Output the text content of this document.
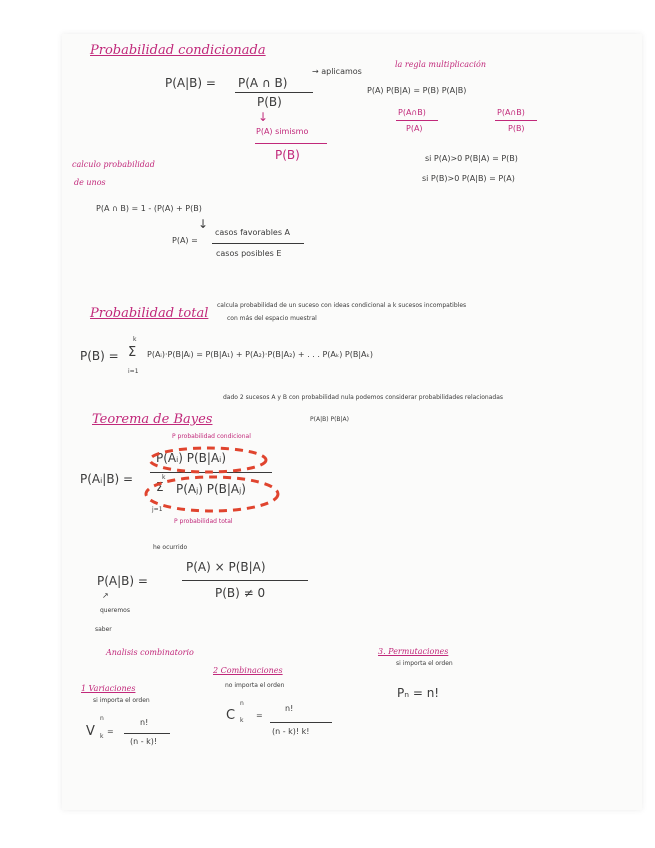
Probabilidad condicionada
P(A|B) = P(A ∩ B)
P(B)
→ aplicamos
la regla multiplicación
P(A) P(B|A) = P(B) P(A|B)
↓
P(A) simismo
P(B)
P(A∩B)
P(A)
P(A∩B)
P(B)
si P(A)>0 P(B|A) = P(B)
si P(B)>0 P(A|B) = P(A)
calculo probabilidad
de unos
P(A ∩ B) = 1 - (P(A) + P(B)
↓
P(A) =
casos favorables A
casos posibles E
Probabilidad total
calcula probabilidad de un suceso con ideas condicional a k sucesos incompatibles
con más del espacio muestral
P(B) =
k
Σ
i=1
P(Aᵢ)·P(B|Aᵢ) = P(B|A₁) + P(A₂)·P(B|A₂) + . . . P(Aₖ) P(B|Aₖ)
Teorema de Bayes
dado 2 sucesos A y B con probabilidad nula podemos considerar probabilidades relacionadas
P(A|B) P(B|A)
P probabilidad condicional
P(Aᵢ|B) =
P(Aᵢ) P(B|Aᵢ)
k
Σ P(Aⱼ) P(B|Aⱼ)
j=1
P probabilidad total
he ocurrido
P(A|B) =
P(A) × P(B|A)
P(B) ≠ 0
↗
queremos
saber
Analisis combinatorio
1 Variaciones
si importa el orden
V
n
k
=
n!
(n - k)!
2 Combinaciones
no importa el orden
C
n
k
=
n!
(n - k)! k!
3. Permutaciones
si importa el orden
Pₙ = n!
